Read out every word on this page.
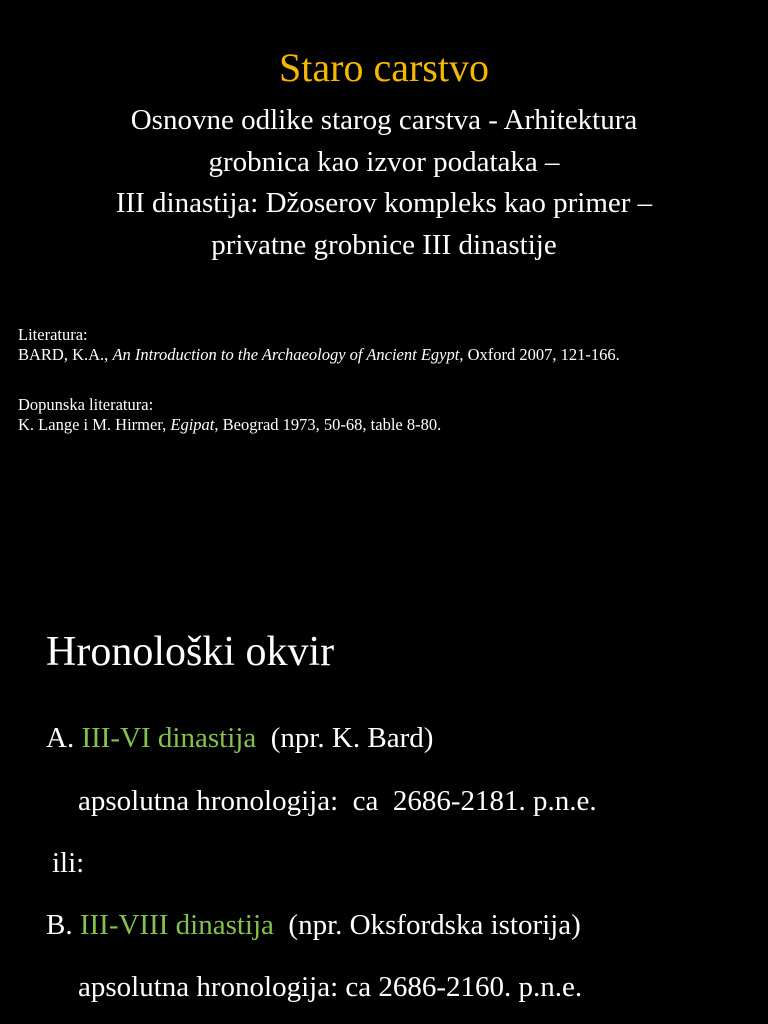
Staro carstvo
Osnovne odlike starog carstva - Arhitektura
grobnica kao izvor podataka –
III dinastija: Džoserov kompleks kao primer –
privatne grobnice III dinastije
Literatura:
BARD, K.A., An Introduction to the Archaeology of Ancient Egypt, Oxford 2007, 121-166.
Dopunska literatura:
K. Lange i M. Hirmer, Egipat, Beograd 1973, 50-68, table 8-80.
Hronološki okvir
A. III-VI dinastija  (npr. K. Bard)
apsolutna hronologija:  ca  2686-2181. p.n.e.
ili:
B. III-VIII dinastija  (npr. Oksfordska istorija)
apsolutna hronologija: ca 2686-2160. p.n.e.
